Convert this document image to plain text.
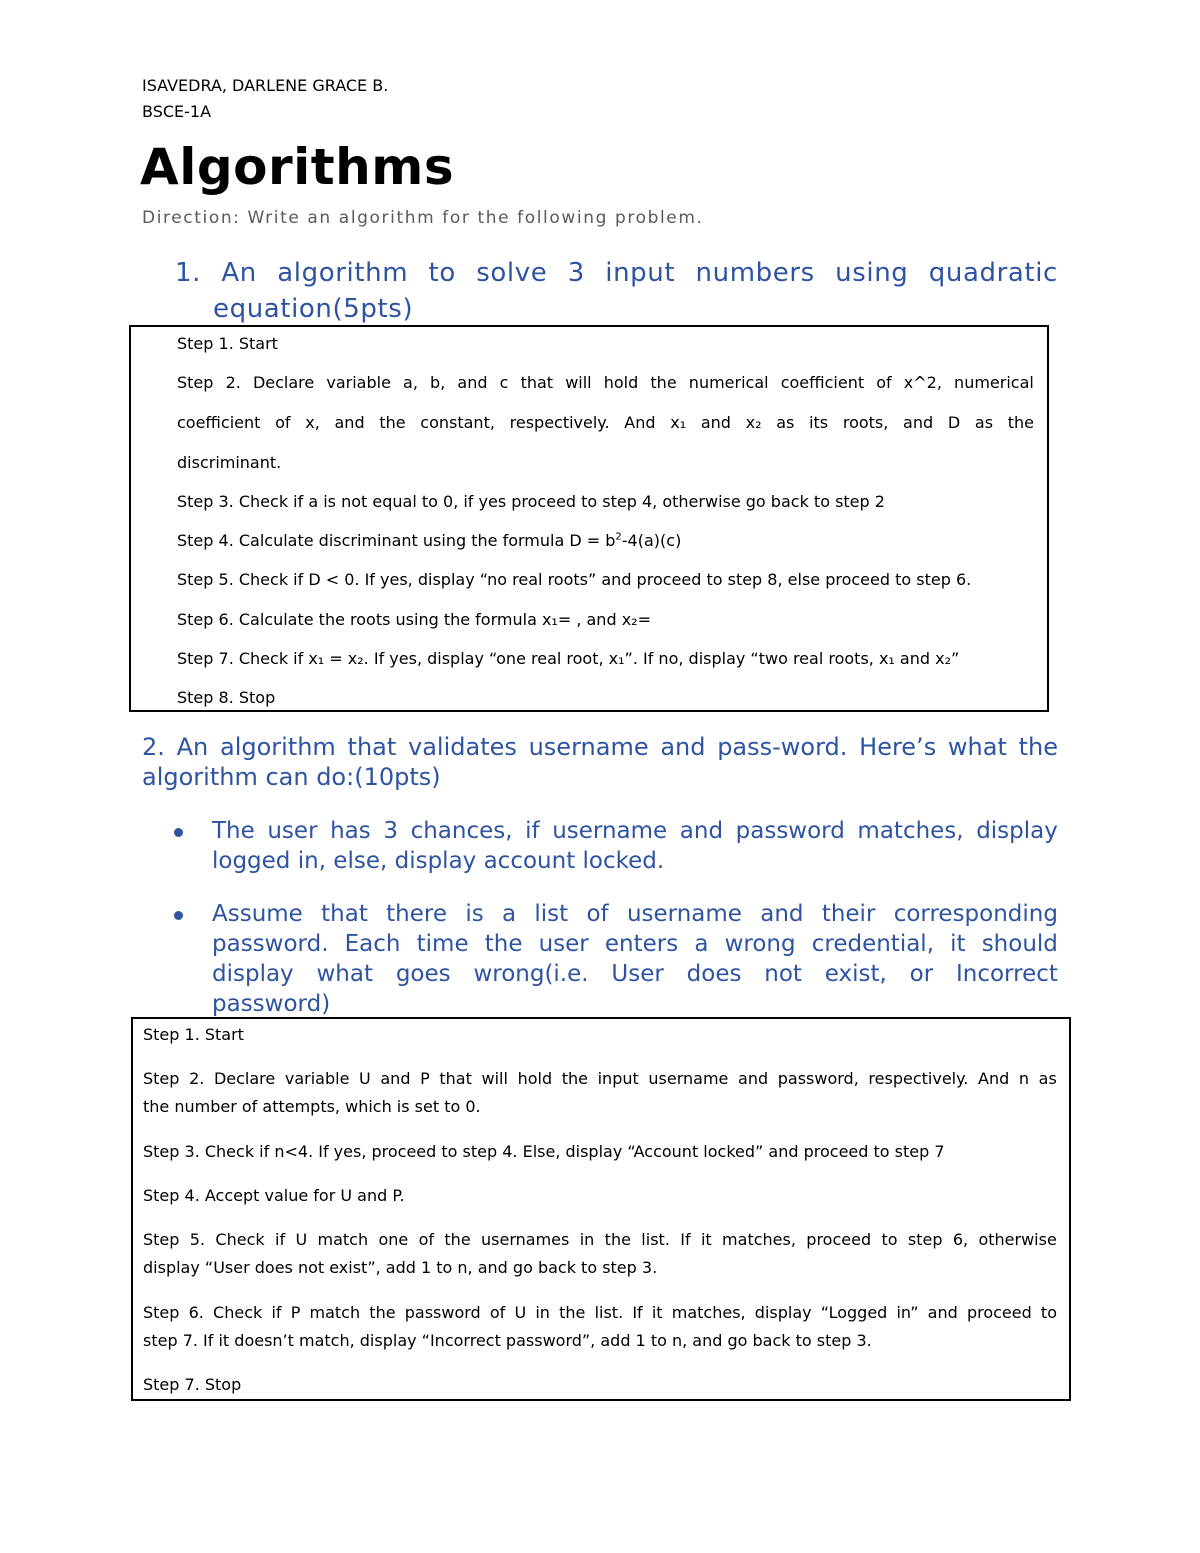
ISAVEDRA, DARLENE GRACE B.
BSCE-1A
Algorithms
Direction: Write an algorithm for the following problem.
1. An algorithm to solve 3 input numbers using quadratic
equation(5pts)
Step 1. Start
Step 2. Declare variable a, b, and c that will hold the numerical coefficient of x^2, numerical
coefficient of x, and the constant, respectively. And x₁ and x₂ as its roots, and D as the
discriminant.
Step 3. Check if a is not equal to 0, if yes proceed to step 4, otherwise go back to step 2
Step 4. Calculate discriminant using the formula $D = b^2-4(a)(c)$
Step 5. Check if D < 0. If yes, display “no real roots” and proceed to step 8, else proceed to step 6.
Step 6. Calculate the roots using the formula x₁= , and x₂=
Step 7. Check if x₁ = x₂. If yes, display “one real root, x₁”. If no, display “two real roots, x₁ and x₂”
Step 8. Stop
2. An algorithm that validates username and pass-word. Here’s what the
algorithm can do:(10pts)
The user has 3 chances, if username and password matches, display
logged in, else, display account locked.
Assume that there is a list of username and their corresponding
password. Each time the user enters a wrong credential, it should
display what goes wrong(i.e. User does not exist, or Incorrect
password)
Step 1. Start
Step 2. Declare variable U and P that will hold the input username and password, respectively. And n as
the number of attempts, which is set to 0.
Step 3. Check if n<4. If yes, proceed to step 4. Else, display “Account locked” and proceed to step 7
Step 4. Accept value for U and P.
Step 5. Check if U match one of the usernames in the list. If it matches, proceed to step 6, otherwise
display “User does not exist”, add 1 to n, and go back to step 3.
Step 6. Check if P match the password of U in the list. If it matches, display “Logged in” and proceed to
step 7. If it doesn’t match, display “Incorrect password”, add 1 to n, and go back to step 3.
Step 7. Stop
